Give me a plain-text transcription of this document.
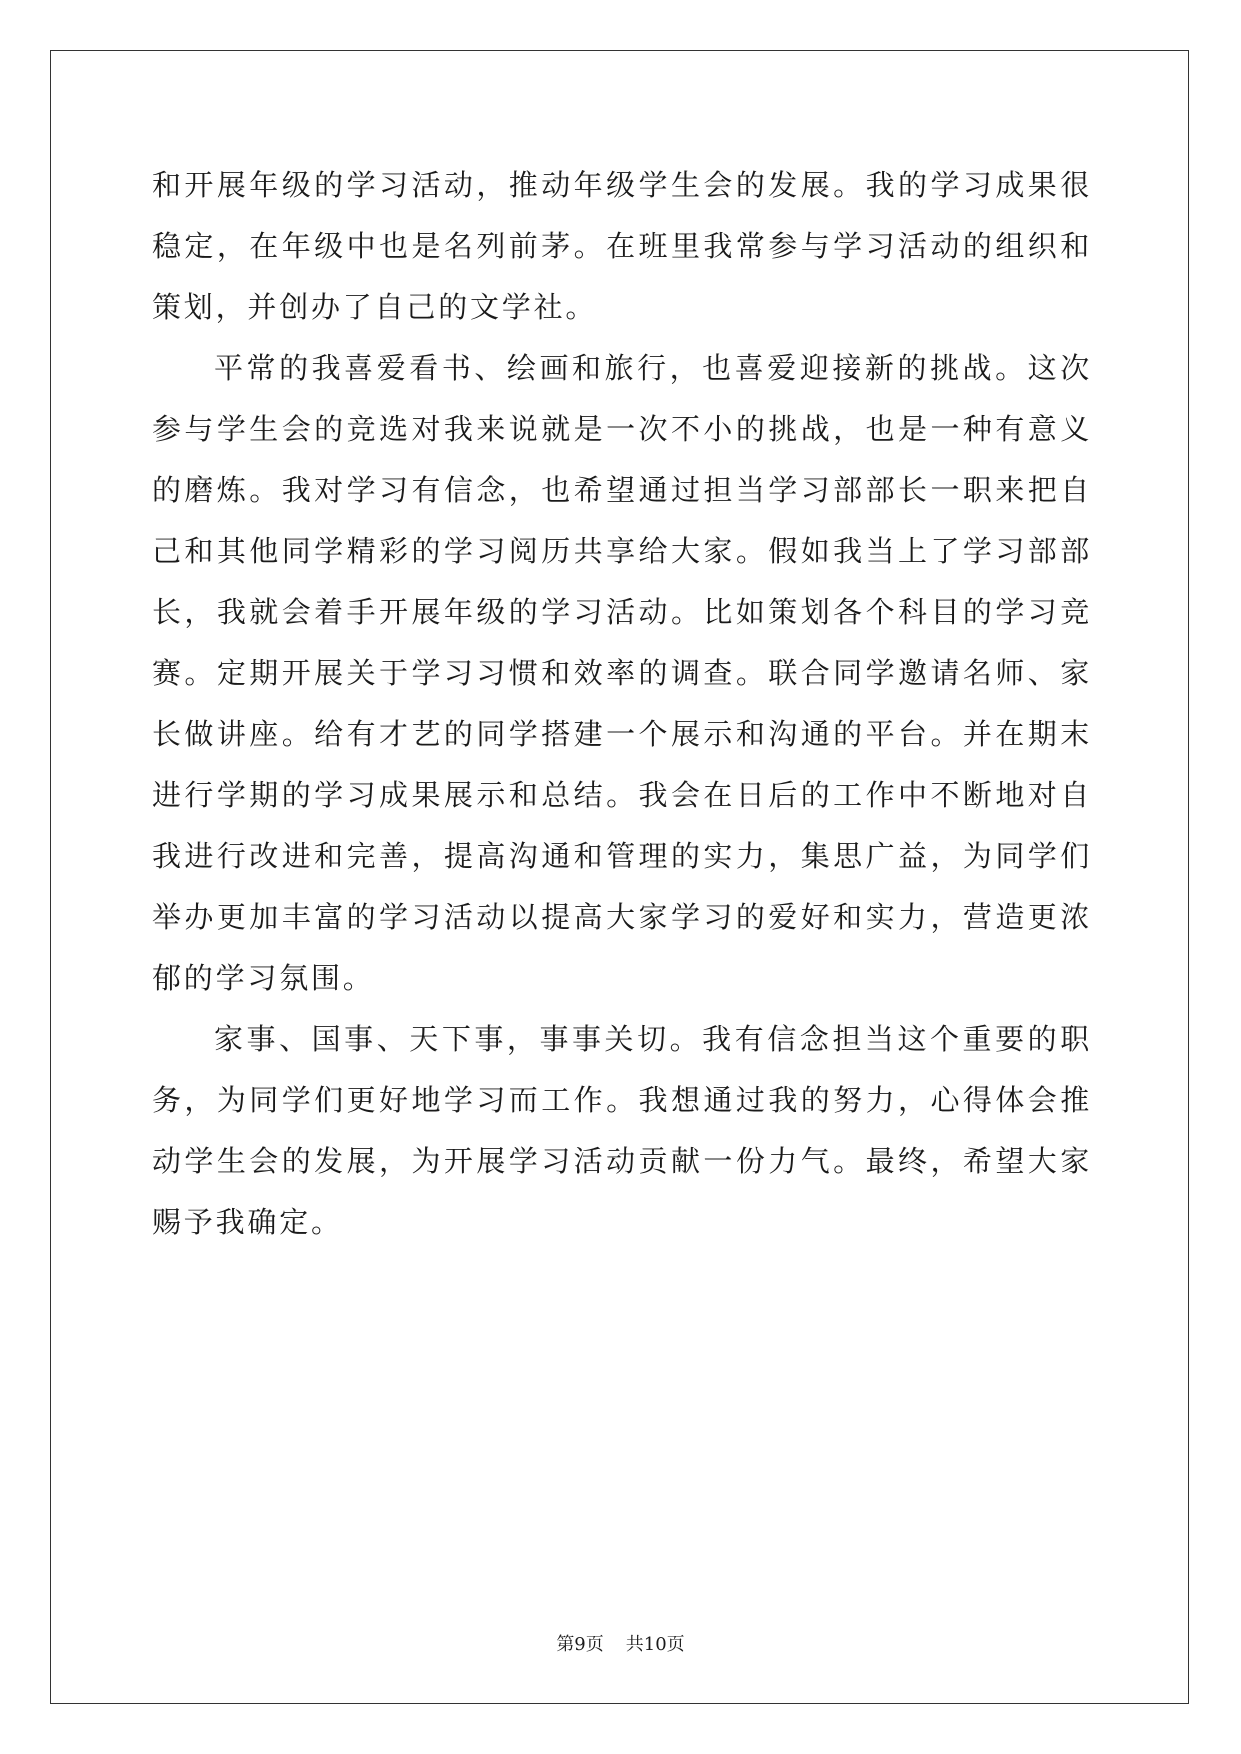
和开展年级的学习活动，推动年级学生会的发展。我的学习成果很稳定，在年级中也是名列前茅。在班里我常参与学习活动的组织和策划，并创办了自己的文学社。

平常的我喜爱看书、绘画和旅行，也喜爱迎接新的挑战。这次参与学生会的竞选对我来说就是一次不小的挑战，也是一种有意义的磨炼。我对学习有信念，也希望通过担当学习部部长一职来把自己和其他同学精彩的学习阅历共享给大家。假如我当上了学习部部长，我就会着手开展年级的学习活动。比如策划各个科目的学习竞赛。定期开展关于学习习惯和效率的调查。联合同学邀请名师、家长做讲座。给有才艺的同学搭建一个展示和沟通的平台。并在期末进行学期的学习成果展示和总结。我会在日后的工作中不断地对自我进行改进和完善，提高沟通和管理的实力，集思广益，为同学们举办更加丰富的学习活动以提高大家学习的爱好和实力，营造更浓郁的学习氛围。

家事、国事、天下事，事事关切。我有信念担当这个重要的职务，为同学们更好地学习而工作。我想通过我的努力，心得体会推动学生会的发展，为开展学习活动贡献一份力气。最终，希望大家赐予我确定。

第9页 共10页
